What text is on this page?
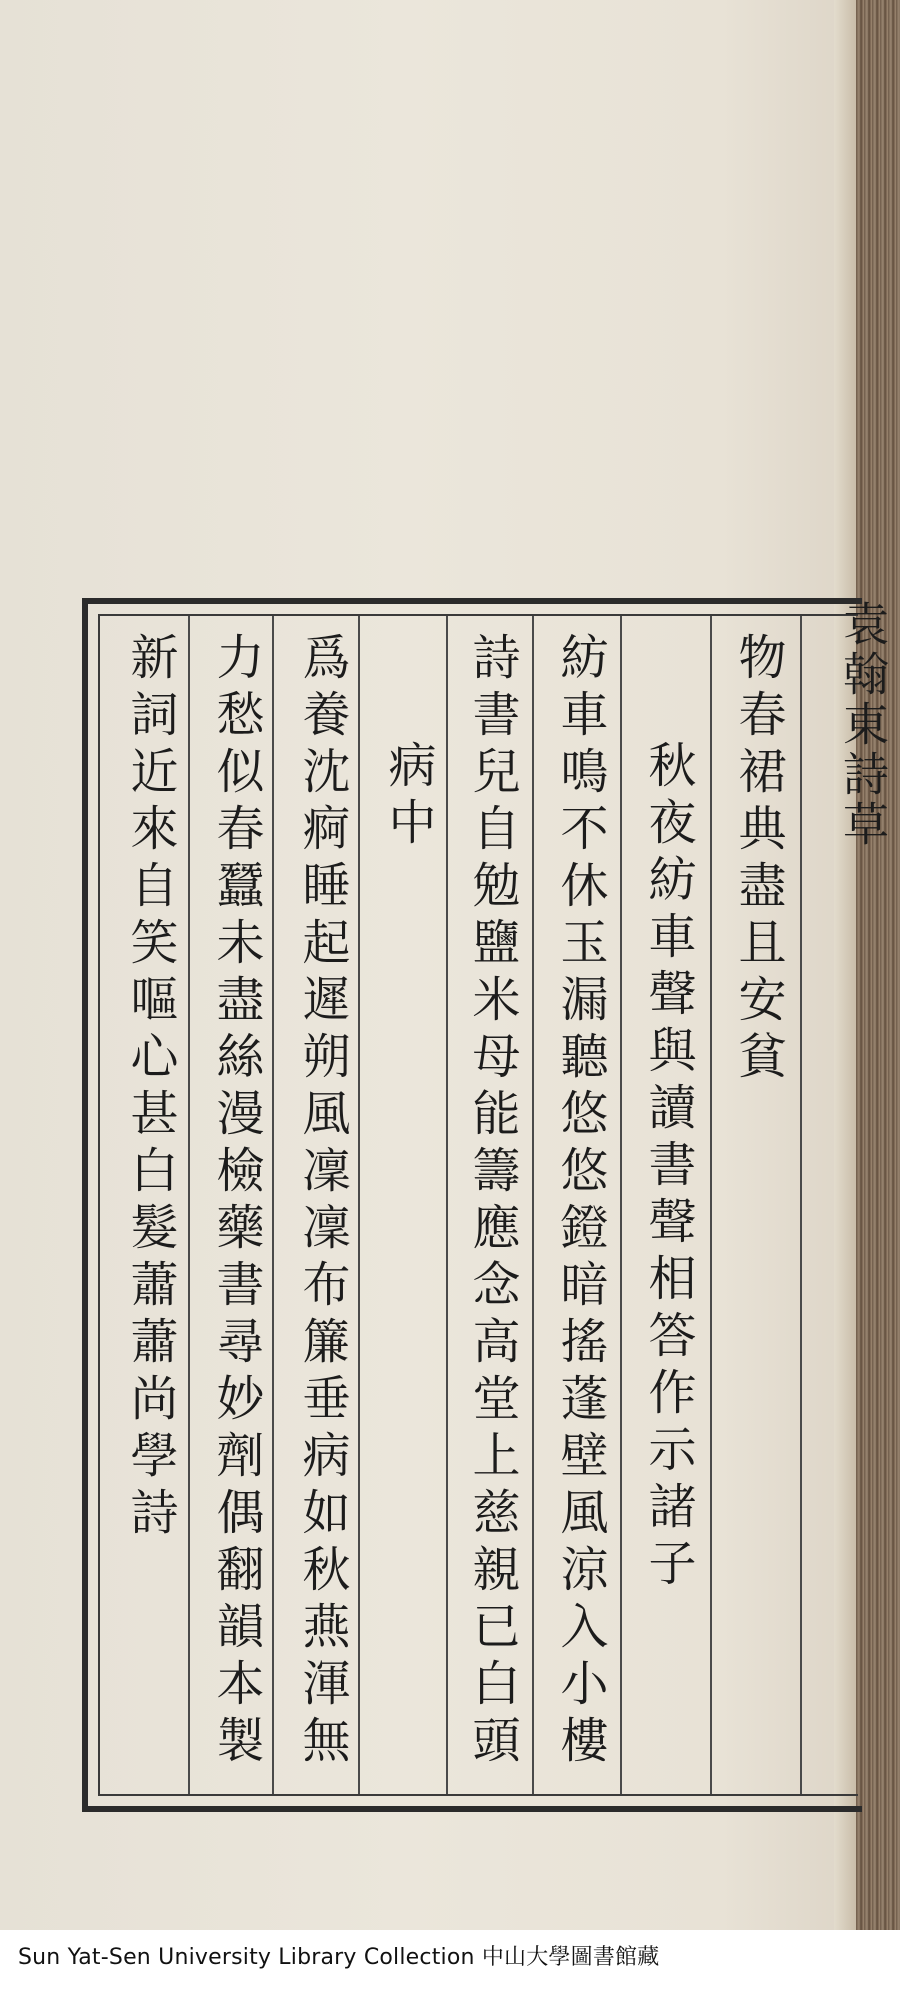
袁翰東詩草
物春裙典盡且安貧
秋夜紡車聲與讀書聲相答作示諸子
紡車鳴不休玉漏聽悠悠鐙暗搖蓬壁風涼入小樓
詩書兒自勉鹽米母能籌應念高堂上慈親已白頭
病中
爲養沈痾睡起遲朔風凜凜布簾垂病如秋燕渾無
力愁似春蠶未盡絲漫檢藥書尋妙劑偶翻韻本製
新詞近來自笑嘔心甚白髮蕭蕭尚學詩
Sun Yat-Sen University Library Collection 中山大學圖書館藏
